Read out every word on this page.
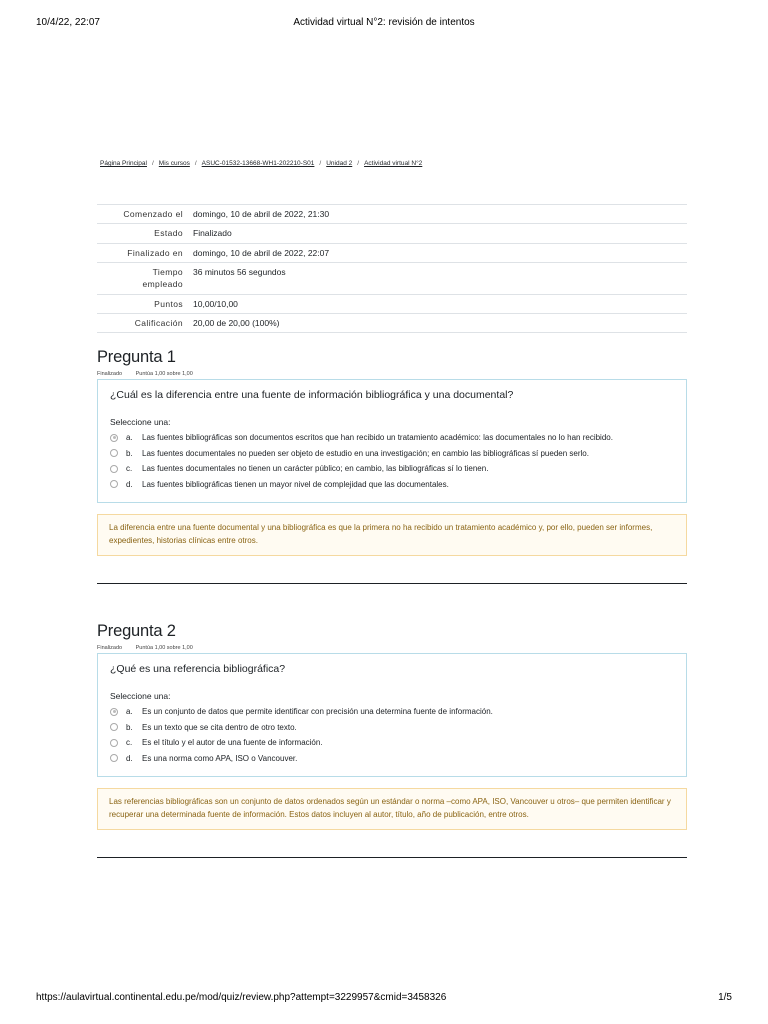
10/4/22, 22:07	Actividad virtual N°2: revisión de intentos
Página Principal / Mis cursos / ASUC-01532-13668-WH1-202210-S01 / Unidad 2 / Actividad virtual N°2
Comenzado el	domingo, 10 de abril de 2022, 21:30
Estado	Finalizado
Finalizado en	domingo, 10 de abril de 2022, 22:07
Tiempo empleado	36 minutos 56 segundos
Puntos	10,00/10,00
Calificación	20,00 de 20,00 (100%)
Pregunta 1
Finalizado Puntúa 1,00 sobre 1,00
¿Cuál es la diferencia entre una fuente de información bibliográfica y una documental?
Seleccione una:
a.	Las fuentes bibliográficas son documentos escritos que han recibido un tratamiento académico: las documentales no lo han recibido.
b.	Las fuentes documentales no pueden ser objeto de estudio en una investigación; en cambio las bibliográficas sí pueden serlo.
c.	Las fuentes documentales no tienen un carácter público; en cambio, las bibliográficas sí lo tienen.
d.	Las fuentes bibliográficas tienen un mayor nivel de complejidad que las documentales.
La diferencia entre una fuente documental y una bibliográfica es que la primera no ha recibido un tratamiento académico y, por ello, pueden ser informes, expedientes, historias clínicas entre otros.
Pregunta 2
Finalizado Puntúa 1,00 sobre 1,00
¿Qué es una referencia bibliográfica?
Seleccione una:
a.	Es un conjunto de datos que permite identificar con precisión una determina fuente de información.
b.	Es un texto que se cita dentro de otro texto.
c.	Es el título y el autor de una fuente de información.
d.	Es una norma como APA, ISO o Vancouver.
Las referencias bibliográficas son un conjunto de datos ordenados según un estándar o norma –como APA, ISO, Vancouver u otros– que permiten identificar y recuperar una determinada fuente de información. Estos datos incluyen al autor, título, año de publicación, entre otros.
https://aulavirtual.continental.edu.pe/mod/quiz/review.php?attempt=3229957&cmid=3458326	1/5
